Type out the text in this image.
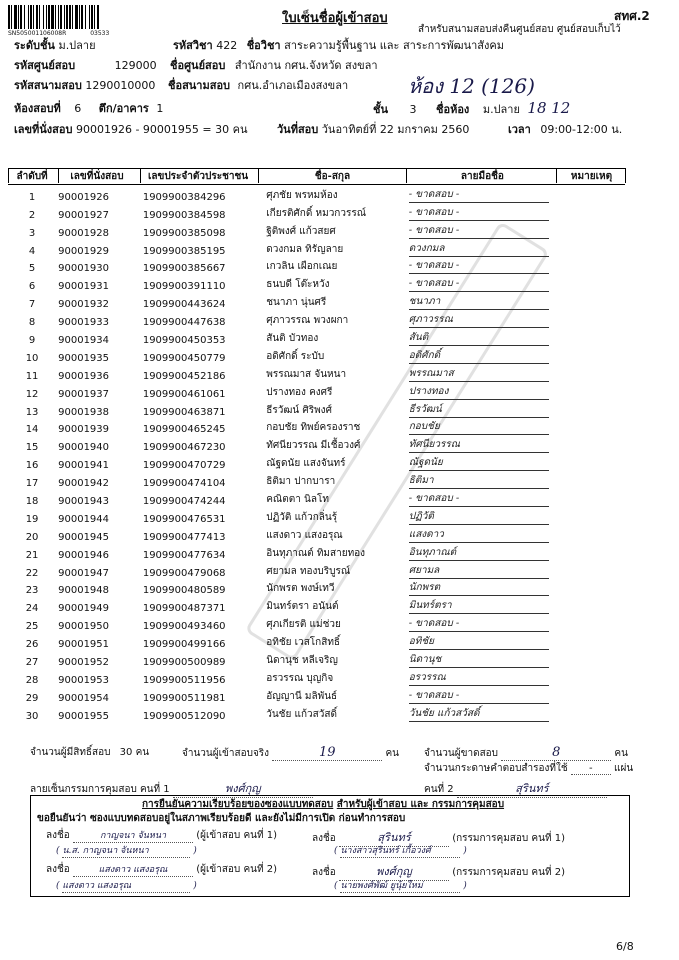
SN505001106008R	03533
ใบเซ็นชื่อผู้เข้าสอบ	สทศ.2
สำหรับสนามสอบส่งคืนศูนย์สอบ ศูนย์สอบเก็บไว้
ระดับชั้น ม.ปลาย	รหัสวิชา 422 ชื่อวิชา สาระความรู้พื้นฐาน และ สาระการพัฒนาสังคม
รหัสศูนย์สอบ	129000 ชื่อศูนย์สอบ สำนักงาน กศน.จังหวัด สงขลา
รหัสสนามสอบ 1290010000 ชื่อสนามสอบ กศน.อำเภอเมืองสงขลา	ห้อง 12 (126)
ห้องสอบที่ 6 ตึก/อาคาร 1	ชั้น 3 ชื่อห้อง ม.ปลาย 18 12
เลขที่นั่งสอบ 90001926 - 90001955 = 30 คน	วันที่สอบ วันอาทิตย์ที่ 22 มกราคม 2560	เวลา 09:00-12:00 น.
ลำดับที่	เลขที่นั่งสอบ	เลขประจำตัวประชาชน	ชื่อ-สกุล	ลายมือชื่อ	หมายเหตุ
1	90001926	1909900384296	ศุภชัย พรหมห้อง	- ขาดสอบ -	
2	90001927	1909900384598	เกียรติศักดิ์ หมวกวรรณ์	- ขาดสอบ -	
3	90001928	1909900385098	ฐิติพงศ์ แก้วสยศ	- ขาดสอบ -	
4	90001929	1909900385195	ดวงกมล ทิรัญลาย	ดวงกมล	
5	90001930	1909900385667	เกวลิน เผือกเณย	- ขาดสอบ -	
6	90001931	1909900391110	ธนบดี โต๊ะหวัง	- ขาดสอบ -	
7	90001932	1909900443624	ชนาภา นุ่นศรี	ชนาภา	
8	90001933	1909900447638	ศุภาวรรณ พวงผกา	ศุภาวรรณ	
9	90001934	1909900450353	สันติ บัวทอง	สันติ	
10	90001935	1909900450779	อดิศักดิ์ ระบับ	อดิศักดิ์	
11	90001936	1909900452186	พรรณมาส จันหนา	พรรณมาส	
12	90001937	1909900461061	ปรางทอง คงศรี	ปรางทอง	
13	90001938	1909900463871	ธีรวัฒน์ ศิริพงศ์	ธีรวัฒน์	
14	90001939	1909900465245	กอบชัย ทิพย์ครองราช	กอบชัย	
15	90001940	1909900467230	ทัศนียวรรณ มีเชื้อวงศ์	ทัศนียวรรณ	
16	90001941	1909900470729	ณัฐดนัย แสงจันทร์	ณัฐดนัย	
17	90001942	1909900474104	ธิติมา ปากบารา	ธิติมา	
18	90001943	1909900474244	คณิตตา นิลโท	- ขาดสอบ -	
19	90001944	1909900476531	ปฏิวัติ แก้วกลิ่นรุ้	ปฏิวัติ	
20	90001945	1909900477413	แสงดาว แสงอรุณ	แสงดาว	
21	90001946	1909900477634	อินทุภาณต์ ทิมสายทอง	อินทุภาณต์	
22	90001947	1909900479068	ศยามล ทองบริบูรณ์	ศยามล	
23	90001948	1909900480589	นักพรต พงษ์เทวี	นักพรต	
24	90001949	1909900487371	มินทร์ตรา อนันต์	มินทร์ตรา	
25	90001950	1909900493460	ศุภเกียรติ แม่ช่วย	- ขาดสอบ -	
26	90001951	1909900499166	อทิชัย เวสโกสิทธิ์	อทิชัย	
27	90001952	1909900500989	นิดานุช หลีเจริญ	นิดานุช	
28	90001953	1909900511956	อรวรรณ บุญกิจ	อรวรรณ	
29	90001954	1909900511981	อัญญานี มลิพันธ์	- ขาดสอบ -	
30	90001955	1909900512090	วันชัย แก้วสวัสดิ์	วันชัย แก้วสวัสดิ์	
จำนวนผู้มีสิทธิ์สอบ 30 คน	จำนวนผู้เข้าสอบจริง	19	คน	จำนวนผู้ขาดสอบ	8	คน
จำนวนกระดาษคำตอบสำรองที่ใช้ - แผ่น
ลายเซ็นกรรมการคุมสอบ คนที่ 1	พงศ์กุญ	คนที่ 2	สุรินทร์
การยืนยันความเรียบร้อยของซองแบบทดสอบ สำหรับผู้เข้าสอบ และ กรรมการคุมสอบ
ขอยืนยันว่า ซองแบบทดสอบอยู่ในสภาพเรียบร้อยดี และยังไม่มีการเปิด ก่อนทำการสอบ
ลงชื่อ	กาญจนา จันหนา	(ผู้เข้าสอบ คนที่ 1)
( น.ส. กาญจนา จันหนา	)
ลงชื่อ	แสงดาว แสงอรุณ	(ผู้เข้าสอบ คนที่ 2)
( แสงดาว แสงอรุณ	)
ลงชื่อ	สุรินทร์	(กรรมการคุมสอบ คนที่ 1)
( นางสาวสุรินทร์ เกื้อวงศ์	)
ลงชื่อ	พงศ์กุญ	(กรรมการคุมสอบ คนที่ 2)
( นายพงศ์พัฒ์ ยูนุ้ยใหม่	)
6/8
